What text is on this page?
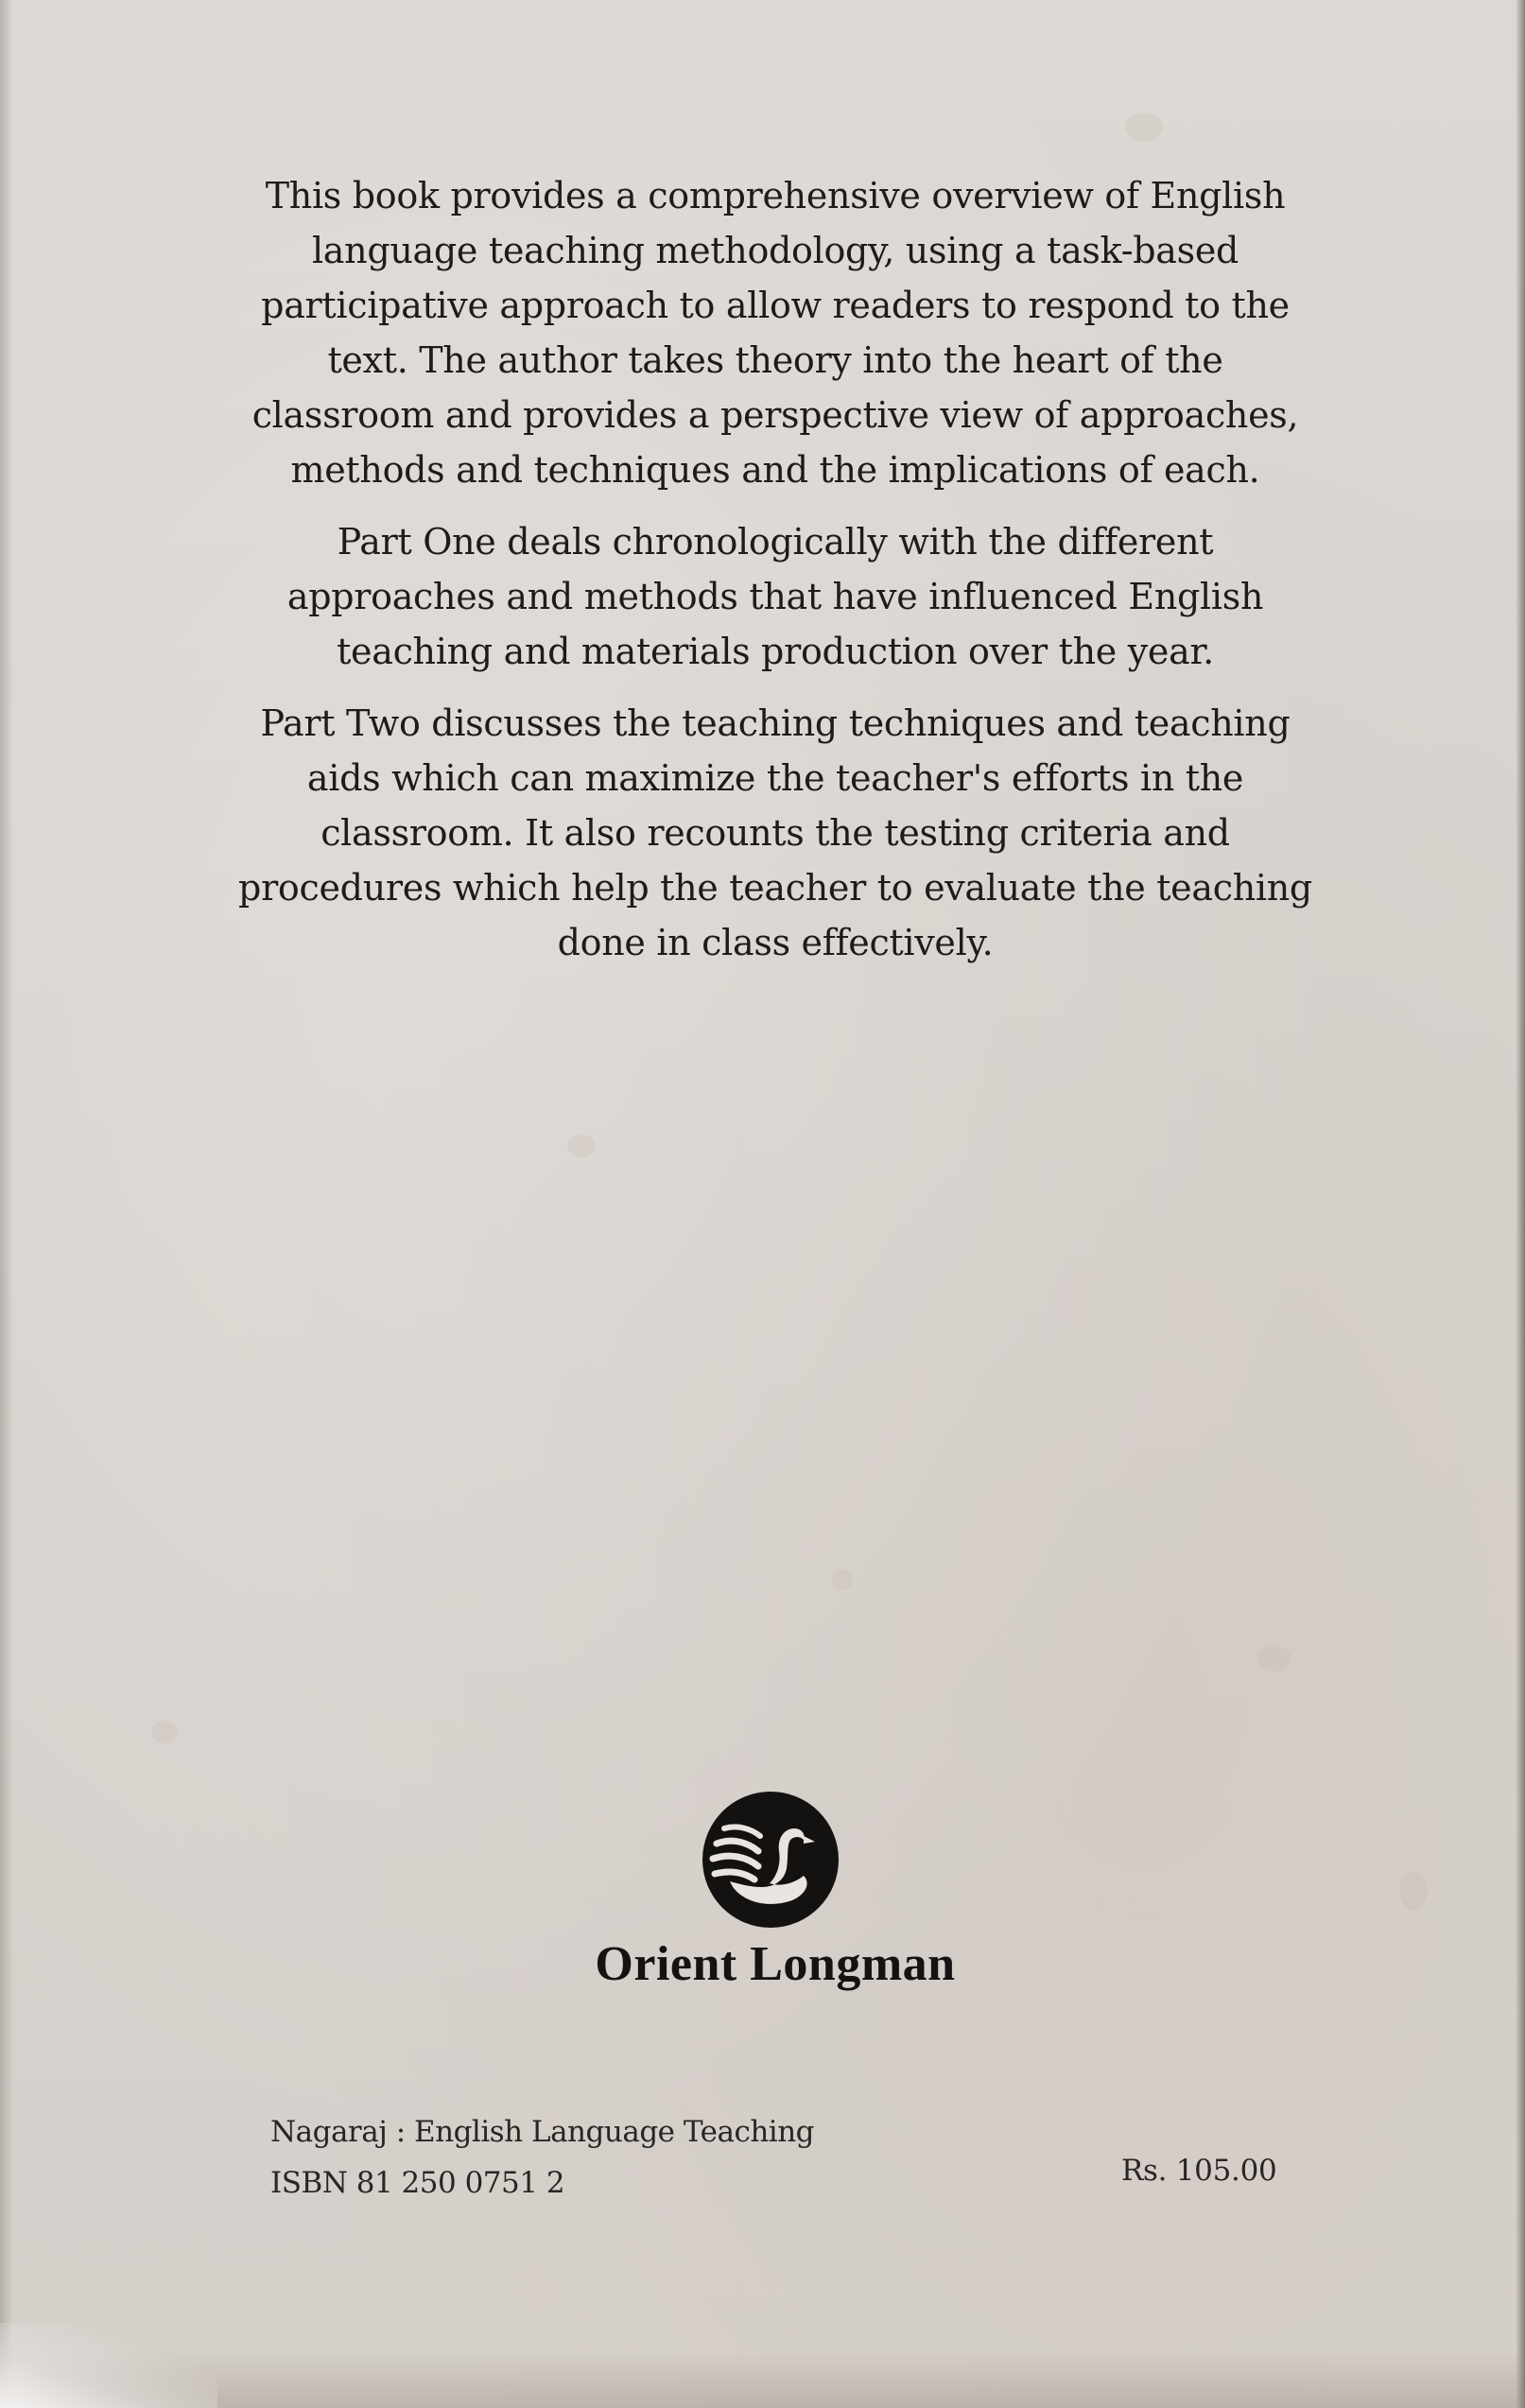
This book provides a comprehensive overview of English language teaching methodology, using a task-based participative approach to allow readers to respond to the text. The author takes theory into the heart of the classroom and provides a perspective view of approaches, methods and techniques and the implications of each.

Part One deals chronologically with the different approaches and methods that have influenced English teaching and materials production over the year.

Part Two discusses the teaching techniques and teaching aids which can maximize the teacher's efforts in the classroom. It also recounts the testing criteria and procedures which help the teacher to evaluate the teaching done in class effectively.

Orient Longman
Nagaraj : English Language Teaching
ISBN 81 250 0751 2	Rs. 105.00
